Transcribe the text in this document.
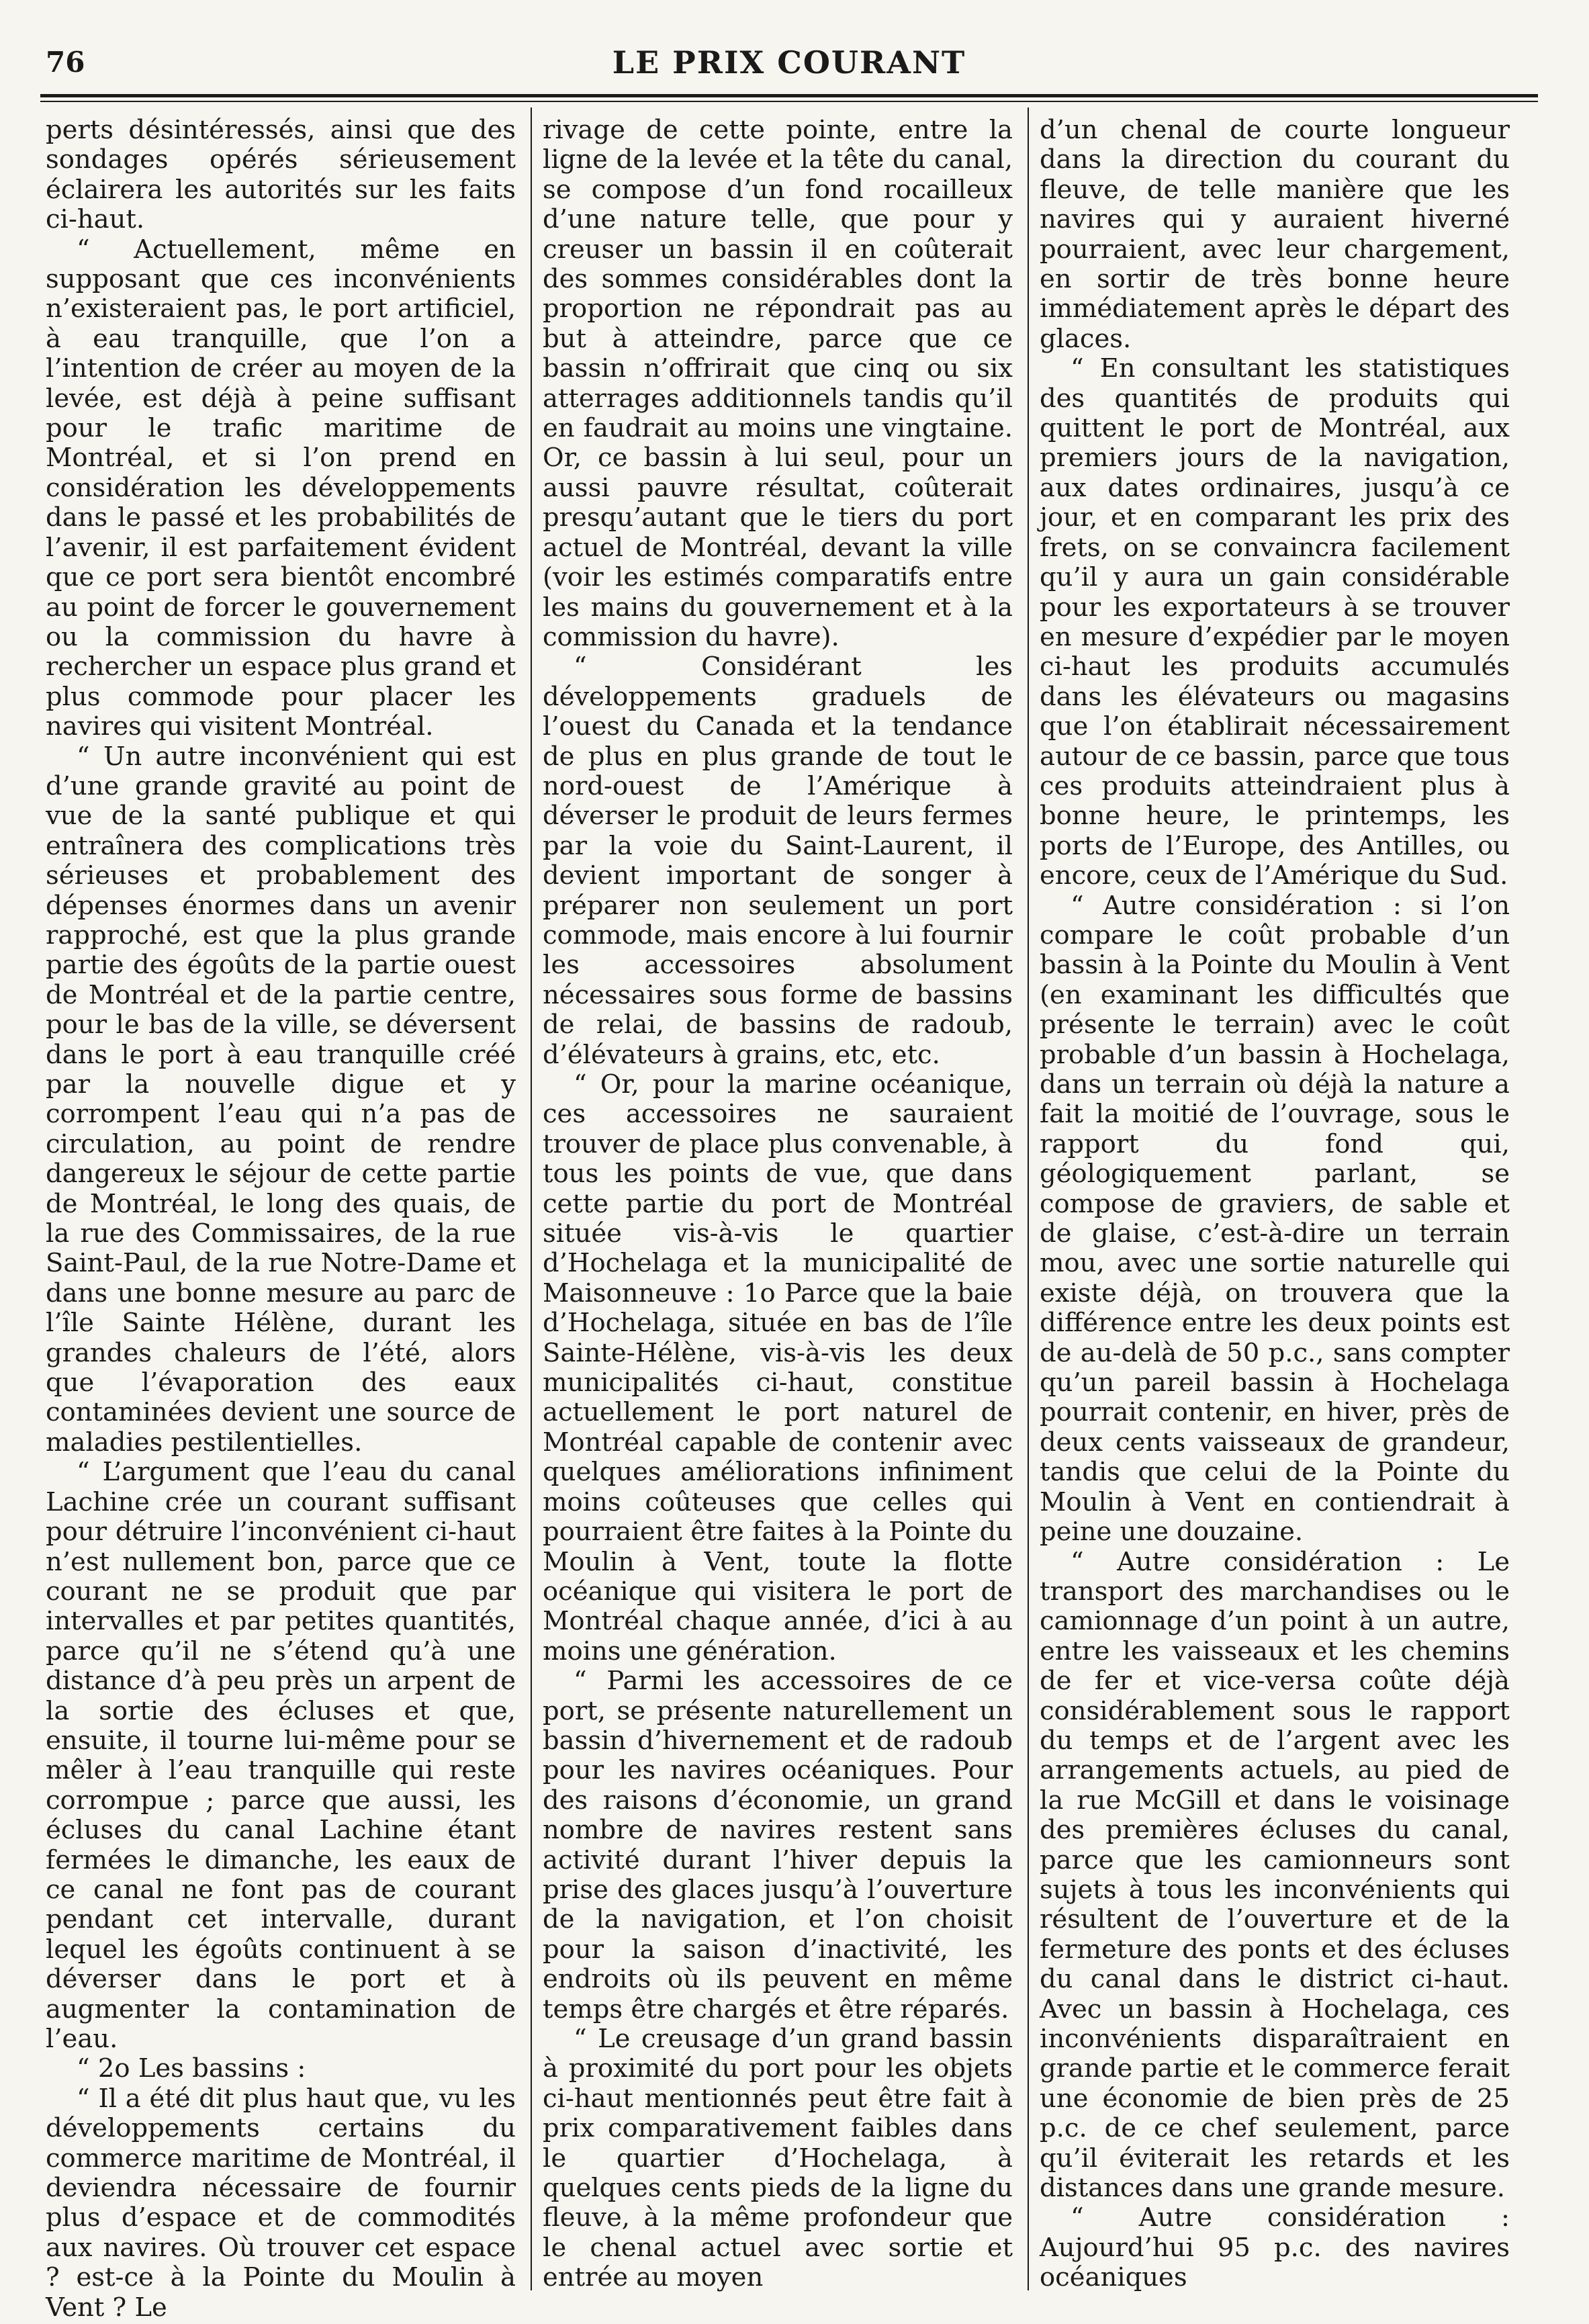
76	LE PRIX COURANT

perts désintéressés, ainsi que des sondages opérés sérieusement éclairera les autorités sur les faits ci-haut.

“ Actuellement, même en supposant que ces inconvénients n’existeraient pas, le port artificiel, à eau tranquille, que l’on a l’intention de créer au moyen de la levée, est déjà à peine suffisant pour le trafic maritime de Montréal, et si l’on prend en considération les développements dans le passé et les probabilités de l’avenir, il est parfaitement évident que ce port sera bientôt encombré au point de forcer le gouvernement ou la commission du havre à rechercher un espace plus grand et plus commode pour placer les navires qui visitent Montréal.

“ Un autre inconvénient qui est d’une grande gravité au point de vue de la santé publique et qui entraînera des complications très sérieuses et probablement des dépenses énormes dans un avenir rapproché, est que la plus grande partie des égoûts de la partie ouest de Montréal et de la partie centre, pour le bas de la ville, se déversent dans le port à eau tranquille créé par la nouvelle digue et y corrompent l’eau qui n’a pas de circulation, au point de rendre dangereux le séjour de cette partie de Montréal, le long des quais, de la rue des Commissaires, de la rue Saint-Paul, de la rue Notre-Dame et dans une bonne mesure au parc de l’île Sainte Hélène, durant les grandes chaleurs de l’été, alors que l’évaporation des eaux contaminées devient une source de maladies pestilentielles.

“ L’argument que l’eau du canal Lachine crée un courant suffisant pour détruire l’inconvénient ci-haut n’est nullement bon, parce que ce courant ne se produit que par intervalles et par petites quantités, parce qu’il ne s’étend qu’à une distance d’à peu près un arpent de la sortie des écluses et que, ensuite, il tourne lui-même pour se mêler à l’eau tranquille qui reste corrompue ; parce que aussi, les écluses du canal Lachine étant fermées le dimanche, les eaux de ce canal ne font pas de courant pendant cet intervalle, durant lequel les égoûts continuent à se déverser dans le port et à augmenter la contamination de l’eau.

“ 2o Les bassins :

“ Il a été dit plus haut que, vu les développements certains du commerce maritime de Montréal, il deviendra nécessaire de fournir plus d’espace et de commodités aux navires. Où trouver cet espace ? est-ce à la Pointe du Moulin à Vent ? Le

rivage de cette pointe, entre la ligne de la levée et la tête du canal, se compose d’un fond rocailleux d’une nature telle, que pour y creuser un bassin il en coûterait des sommes considérables dont la proportion ne répondrait pas au but à atteindre, parce que ce bassin n’offrirait que cinq ou six atterrages additionnels tandis qu’il en faudrait au moins une vingtaine. Or, ce bassin à lui seul, pour un aussi pauvre résultat, coûterait presqu’autant que le tiers du port actuel de Montréal, devant la ville (voir les estimés comparatifs entre les mains du gouvernement et à la commission du havre).

“ Considérant les développements graduels de l’ouest du Canada et la tendance de plus en plus grande de tout le nord-ouest de l’Amérique à déverser le produit de leurs fermes par la voie du Saint-Laurent, il devient important de songer à préparer non seulement un port commode, mais encore à lui fournir les accessoires absolument nécessaires sous forme de bassins de relai, de bassins de radoub, d’élévateurs à grains, etc, etc.

“ Or, pour la marine océanique, ces accessoires ne sauraient trouver de place plus convenable, à tous les points de vue, que dans cette partie du port de Montréal située vis-à-vis le quartier d’Hochelaga et la municipalité de Maisonneuve : 1o Parce que la baie d’Hochelaga, située en bas de l’île Sainte-Hélène, vis-à-vis les deux municipalités ci-haut, constitue actuellement le port naturel de Montréal capable de contenir avec quelques améliorations infiniment moins coûteuses que celles qui pourraient être faites à la Pointe du Moulin à Vent, toute la flotte océanique qui visitera le port de Montréal chaque année, d’ici à au moins une génération.

“ Parmi les accessoires de ce port, se présente naturellement un bassin d’hivernement et de radoub pour les navires océaniques. Pour des raisons d’économie, un grand nombre de navires restent sans activité durant l’hiver depuis la prise des glaces jusqu’à l’ouverture de la navigation, et l’on choisit pour la saison d’inactivité, les endroits où ils peuvent en même temps être chargés et être réparés.

“ Le creusage d’un grand bassin à proximité du port pour les objets ci-haut mentionnés peut être fait à prix comparativement faibles dans le quartier d’Hochelaga, à quelques cents pieds de la ligne du fleuve, à la même profondeur que le chenal actuel avec sortie et entrée au moyen

d’un chenal de courte longueur dans la direction du courant du fleuve, de telle manière que les navires qui y auraient hiverné pourraient, avec leur chargement, en sortir de très bonne heure immédiatement après le départ des glaces.

“ En consultant les statistiques des quantités de produits qui quittent le port de Montréal, aux premiers jours de la navigation, aux dates ordinaires, jusqu’à ce jour, et en comparant les prix des frets, on se convaincra facilement qu’il y aura un gain considérable pour les exportateurs à se trouver en mesure d’expédier par le moyen ci-haut les produits accumulés dans les élévateurs ou magasins que l’on établirait nécessairement autour de ce bassin, parce que tous ces produits atteindraient plus à bonne heure, le printemps, les ports de l’Europe, des Antilles, ou encore, ceux de l’Amérique du Sud.

“ Autre considération : si l’on compare le coût probable d’un bassin à la Pointe du Moulin à Vent (en examinant les difficultés que présente le terrain) avec le coût probable d’un bassin à Hochelaga, dans un terrain où déjà la nature a fait la moitié de l’ouvrage, sous le rapport du fond qui, géologiquement parlant, se compose de graviers, de sable et de glaise, c’est-à-dire un terrain mou, avec une sortie naturelle qui existe déjà, on trouvera que la différence entre les deux points est de au-delà de 50 p.c., sans compter qu’un pareil bassin à Hochelaga pourrait contenir, en hiver, près de deux cents vaisseaux de grandeur, tandis que celui de la Pointe du Moulin à Vent en contiendrait à peine une douzaine.

“ Autre considération : Le transport des marchandises ou le camionnage d’un point à un autre, entre les vaisseaux et les chemins de fer et vice-versa coûte déjà considérablement sous le rapport du temps et de l’argent avec les arrangements actuels, au pied de la rue McGill et dans le voisinage des premières écluses du canal, parce que les camionneurs sont sujets à tous les inconvénients qui résultent de l’ouverture et de la fermeture des ponts et des écluses du canal dans le district ci-haut. Avec un bassin à Hochelaga, ces inconvénients disparaîtraient en grande partie et le commerce ferait une économie de bien près de 25 p.c. de ce chef seulement, parce qu’il éviterait les retards et les distances dans une grande mesure.

“ Autre considération : Aujourd’hui 95 p.c. des navires océaniques
